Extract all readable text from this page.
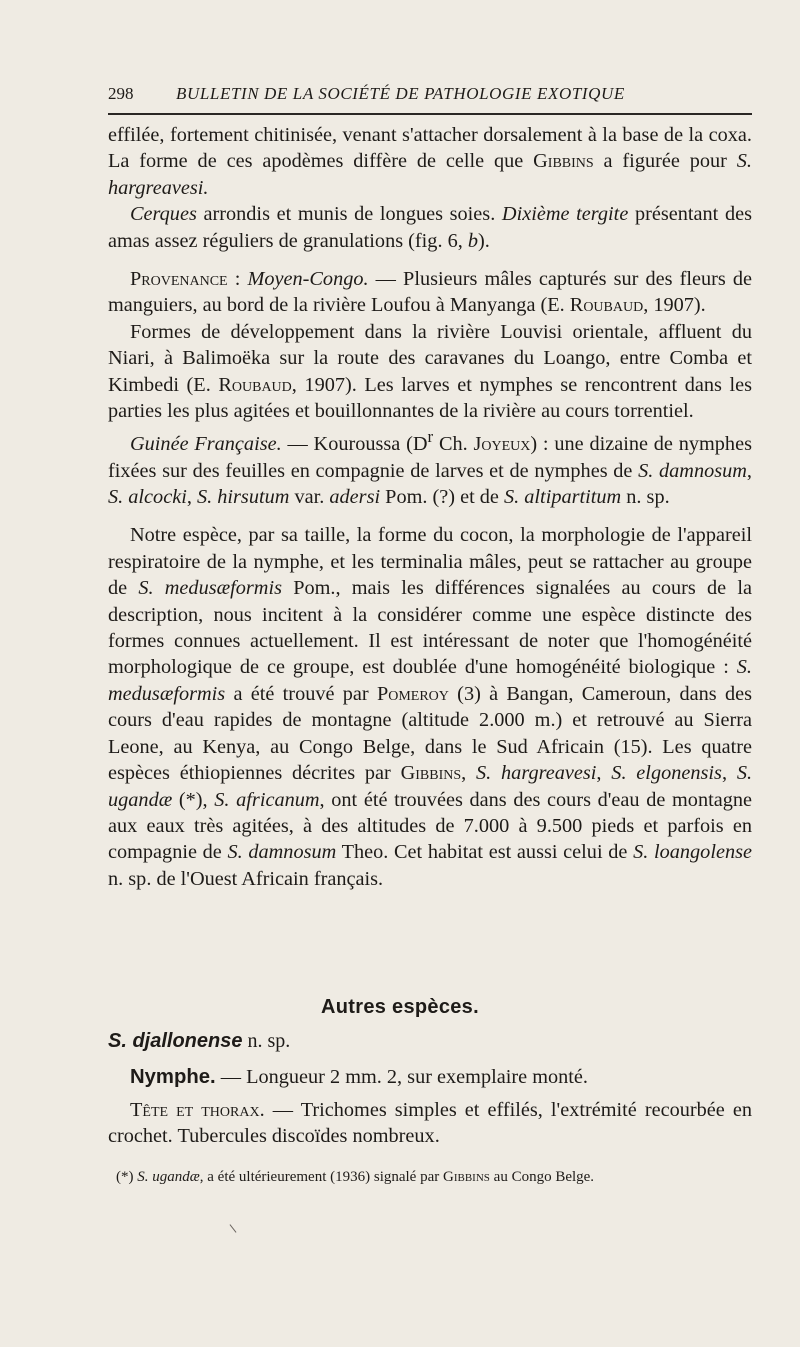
298	BULLETIN DE LA SOCIÉTÉ DE PATHOLOGIE EXOTIQUE

effilée, fortement chitinisée, venant s'attacher dorsalement à la base de la coxa. La forme de ces apodèmes diffère de celle que Gibbins a figurée pour S. hargreavesi.

Cerques arrondis et munis de longues soies. Dixième tergite présentant des amas assez réguliers de granulations (fig. 6, b).

Provenance : Moyen-Congo. — Plusieurs mâles capturés sur des fleurs de manguiers, au bord de la rivière Loufou à Manyanga (E. Roubaud, 1907).

Formes de développement dans la rivière Louvisi orientale, affluent du Niari, à Balimoëka sur la route des caravanes du Loango, entre Comba et Kimbedi (E. Roubaud, 1907). Les larves et nymphes se rencontrent dans les parties les plus agitées et bouillonnantes de la rivière au cours torrentiel.

Guinée Française. — Kouroussa ($D^r$ Ch. Joyeux) : une dizaine de nymphes fixées sur des feuilles en compagnie de larves et de nymphes de S. damnosum, S. alcocki, S. hirsutum var. adersi Pom. (?) et de S. altipartitum n. sp.

Notre espèce, par sa taille, la forme du cocon, la morphologie de l'appareil respiratoire de la nymphe, et les terminalia mâles, peut se rattacher au groupe de S. medusæformis Pom., mais les différences signalées au cours de la description, nous incitent à la considérer comme une espèce distincte des formes connues actuellement. Il est intéressant de noter que l'homogénéité morphologique de ce groupe, est doublée d'une homogénéité biologique : S. medusæformis a été trouvé par Pomeroy (3) à Bangan, Cameroun, dans des cours d'eau rapides de montagne (altitude 2.000 m.) et retrouvé au Sierra Leone, au Kenya, au Congo Belge, dans le Sud Africain (15). Les quatre espèces éthiopiennes décrites par Gibbins, S. hargreavesi, S. elgonensis, S. ugandæ (*), S. africanum, ont été trouvées dans des cours d'eau de montagne aux eaux très agitées, à des altitudes de 7.000 à 9.500 pieds et parfois en compagnie de S. damnosum Theo. Cet habitat est aussi celui de S. loangolense n. sp. de l'Ouest Africain français.

Autres espèces.
S. djallonense n. sp.
Nymphe. — Longueur 2 mm. 2, sur exemplaire monté.
Tête et thorax. — Trichomes simples et effilés, l'extrémité recourbée en crochet. Tubercules discoïdes nombreux.
(*) S. ugandæ, a été ultérieurement (1936) signalé par Gibbins au Congo Belge.
